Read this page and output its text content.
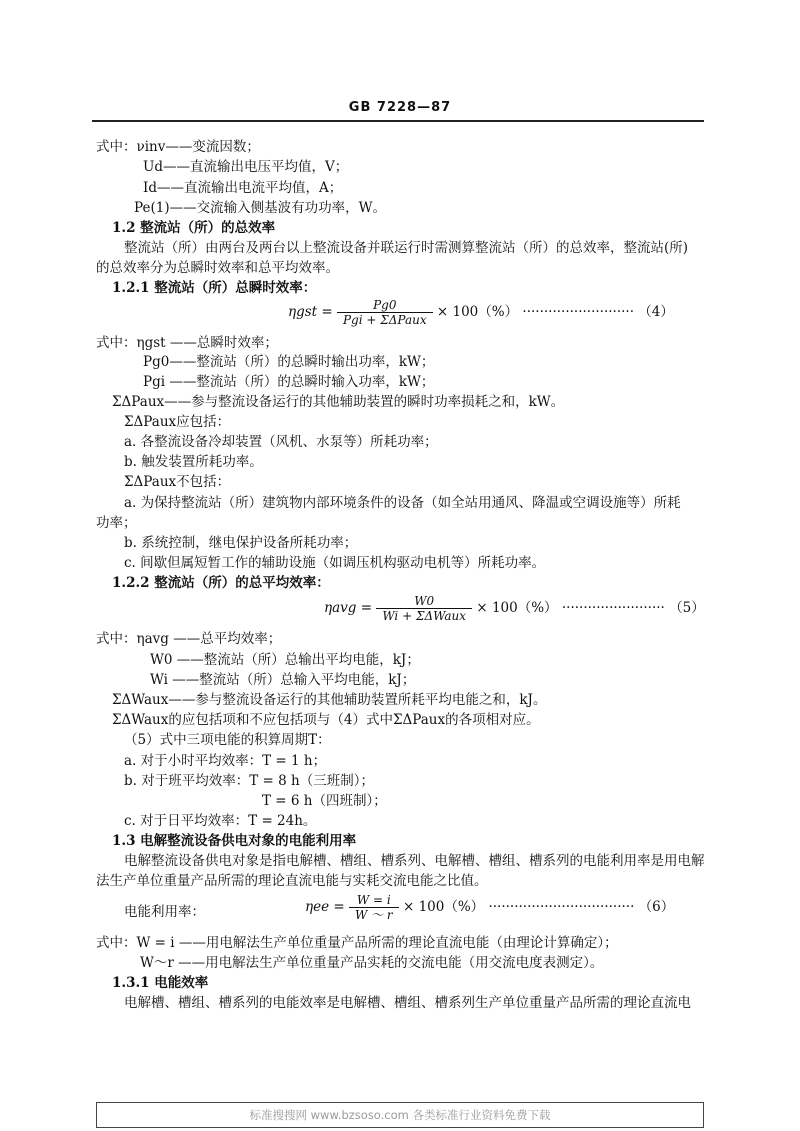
GB 7228—87
式中：νinv——变流因数；
Ud——直流输出电压平均值，V；
Id——直流输出电流平均值，A；
Pe(1)——交流输入侧基波有功功率，W。
1.2 整流站（所）的总效率
整流站（所）由两台及两台以上整流设备并联运行时需测算整流站（所）的总效率，整流站(所)
的总效率分为总瞬时效率和总平均效率。
1.2.1 整流站（所）总瞬时效率：
$\eta gst = \frac{Pg0}{\text{Pgi + ΣΔPaux}} \times 100(\%)$ ·························· （4）
式中：ηgst ——总瞬时效率；
Pg0——整流站（所）的总瞬时输出功率，kW；
Pgi ——整流站（所）的总瞬时输入功率，kW；
ΣΔPaux——参与整流设备运行的其他辅助装置的瞬时功率损耗之和，kW。
ΣΔPaux应包括：
a. 各整流设备冷却装置（风机、水泵等）所耗功率；
b. 触发装置所耗功率。
ΣΔPaux不包括：
a. 为保持整流站（所）建筑物内部环境条件的设备（如全站用通风、降温或空调设施等）所耗
功率；
b. 系统控制，继电保护设备所耗功率；
c. 间歇但属短暂工作的辅助设施（如调压机构驱动电机等）所耗功率。
1.2.2 整流站（所）的总平均效率：
$\eta avg = \frac{W0}{\text{Wi + ΣΔWaux}} \times 100(\%)$ ························ （5）
式中：ηavg ——总平均效率；
W0 ——整流站（所）总输出平均电能，kJ；
Wi ——整流站（所）总输入平均电能，kJ；
ΣΔWaux——参与整流设备运行的其他辅助装置所耗平均电能之和，kJ。
ΣΔWaux的应包括项和不应包括项与（4）式中ΣΔPaux的各项相对应。
（5）式中三项电能的积算周期T：
a. 对于小时平均效率：T = 1 h；
b. 对于班平均效率：T = 8 h（三班制）；
T = 6 h（四班制）；
c. 对于日平均效率：T = 24h。
1.3 电解整流设备供电对象的电能利用率
电解整流设备供电对象是指电解槽、槽组、槽系列、电解槽、槽组、槽系列的电能利用率是用电解
法生产单位重量产品所需的理论直流电能与实耗交流电能之比值。
电能利用率：	$\eta ee = \frac{W = i}{W \sim r} \times 100(\%)$ ·································· （6）
式中：W = i ——用电解法生产单位重量产品所需的理论直流电能（由理论计算确定）；
W～r ——用电解法生产单位重量产品实耗的交流电能（用交流电度表测定）。
1.3.1 电能效率
电解槽、槽组、槽系列的电能效率是电解槽、槽组、槽系列生产单位重量产品所需的理论直流电
标准搜搜网 www.bzsoso.com 各类标准行业资料免费下载
